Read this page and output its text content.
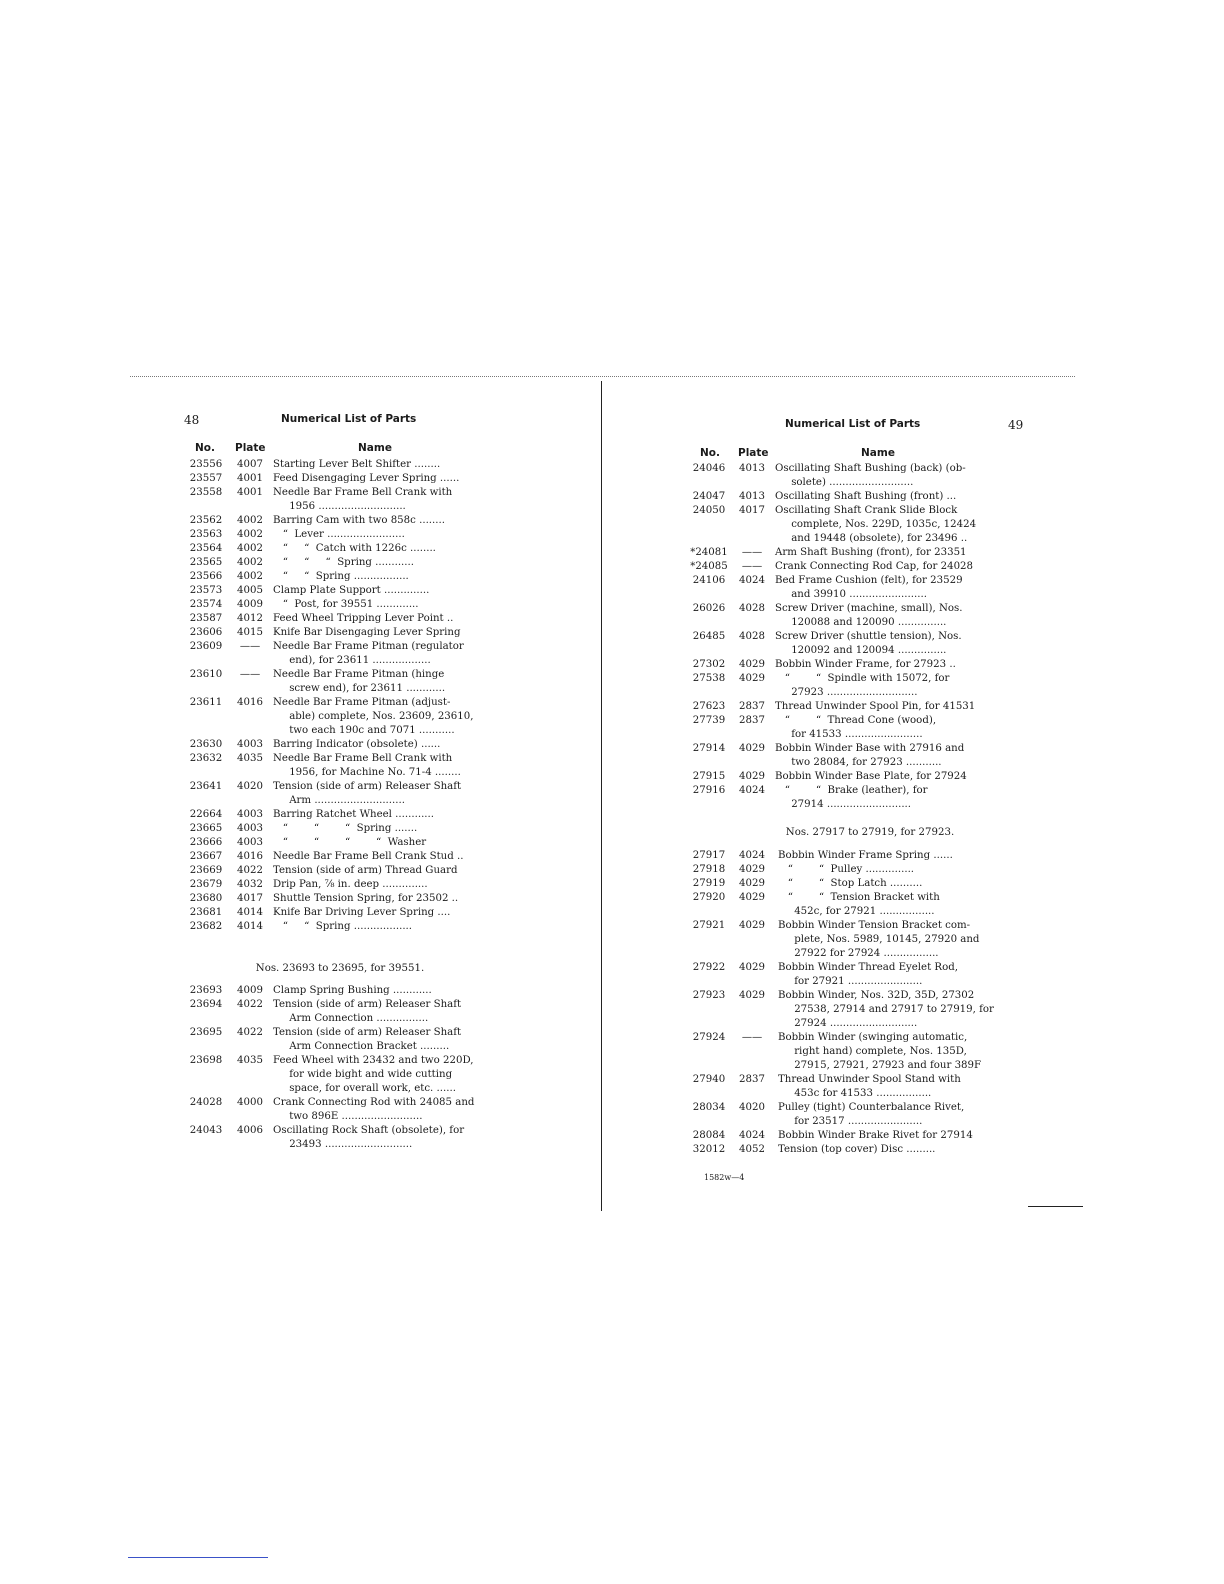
48	Numerical List of Parts
No. Plate	Name
23556	4007 Starting Lever Belt Shifter ........
23557	4001 Feed Disengaging Lever Spring ......
23558	4001 Needle Bar Frame Bell Crank with
1956 ...........................
23562	4002 Barring Cam with two 858c ........
23563	4002 “  Lever ........................
23564	4002 “     “  Catch with 1226c ........
23565	4002 “     “     “  Spring ............
23566	4002 “     “  Spring .................
23573	4005 Clamp Plate Support ..............
23574	4009 “  Post, for 39551 .............
23587	4012 Feed Wheel Tripping Lever Point ..
23606	4015 Knife Bar Disengaging Lever Spring
23609	——	Needle Bar Frame Pitman (regulator
end), for 23611 ..................
23610	——	Needle Bar Frame Pitman (hinge
screw end), for 23611 ............
23611	4016 Needle Bar Frame Pitman (adjust-
able) complete, Nos. 23609, 23610,
two each 190c and 7071 ...........
23630	4003 Barring Indicator (obsolete) ......
23632	4035 Needle Bar Frame Bell Crank with
1956, for Machine No. 71-4 ........
23641	4020 Tension (side of arm) Releaser Shaft
Arm ............................
22664	4003 Barring Ratchet Wheel ............
23665	4003 “        “        “  Spring .......
23666	4003 “        “        “        “  Washer
23667	4016 Needle Bar Frame Bell Crank Stud ..
23669	4022 Tension (side of arm) Thread Guard
23679	4032 Drip Pan, ⅞ in. deep ..............
23680	4017 Shuttle Tension Spring, for 23502 ..
23681	4014 Knife Bar Driving Lever Spring ....
23682	4014 “     “  Spring ..................
Nos. 23693 to 23695, for 39551.
23693	4009 Clamp Spring Bushing ............
23694	4022 Tension (side of arm) Releaser Shaft
Arm Connection ................
23695	4022 Tension (side of arm) Releaser Shaft
Arm Connection Bracket .........
23698	4035 Feed Wheel with 23432 and two 220D,
for wide bight and wide cutting
space, for overall work, etc. ......
24028	4000 Crank Connecting Rod with 24085 and
two 896E .........................
24043	4006 Oscillating Rock Shaft (obsolete), for
23493 ...........................
Numerical List of Parts	49
No. Plate	Name
24046	4013 Oscillating Shaft Bushing (back) (ob-
solete) ..........................
24047	4013 Oscillating Shaft Bushing (front) ...
24050	4017 Oscillating Shaft Crank Slide Block
complete, Nos. 229D, 1035c, 12424
and 19448 (obsolete), for 23496 ..
*24081	——	Arm Shaft Bushing (front), for 23351
*24085	——	Crank Connecting Rod Cap, for 24028
24106	4024 Bed Frame Cushion (felt), for 23529
and 39910 ........................
26026	4028 Screw Driver (machine, small), Nos.
120088 and 120090 ...............
26485	4028 Screw Driver (shuttle tension), Nos.
120092 and 120094 ...............
27302	4029 Bobbin Winder Frame, for 27923 ..
27538	4029 “        “  Spindle with 15072, for
27923 ............................
27623	2837 Thread Unwinder Spool Pin, for 41531
27739	2837 “        “  Thread Cone (wood),
for 41533 ........................
27914	4029 Bobbin Winder Base with 27916 and
two 28084, for 27923 ...........
27915	4029 Bobbin Winder Base Plate, for 27924
27916	4024 “        “  Brake (leather), for
27914 ..........................
Nos. 27917 to 27919, for 27923.
27917	4024 Bobbin Winder Frame Spring ......
27918	4029 “        “  Pulley ...............
27919	4029 “        “  Stop Latch ..........
27920	4029 “        “  Tension Bracket with
452c, for 27921 .................
27921	4029 Bobbin Winder Tension Bracket com-
plete, Nos. 5989, 10145, 27920 and
27922 for 27924 .................
27922	4029 Bobbin Winder Thread Eyelet Rod,
for 27921 .......................
27923	4029 Bobbin Winder, Nos. 32D, 35D, 27302
27538, 27914 and 27917 to 27919, for
27924 ...........................
27924	——	Bobbin Winder (swinging automatic,
right hand) complete, Nos. 135D,
27915, 27921, 27923 and four 389F
27940	2837 Thread Unwinder Spool Stand with
453c for 41533 .................
28034	4020 Pulley (tight) Counterbalance Rivet,
for 23517 .......................
28084	4024 Bobbin Winder Brake Rivet for 27914
32012	4052 Tension (top cover) Disc .........
1582w—4
